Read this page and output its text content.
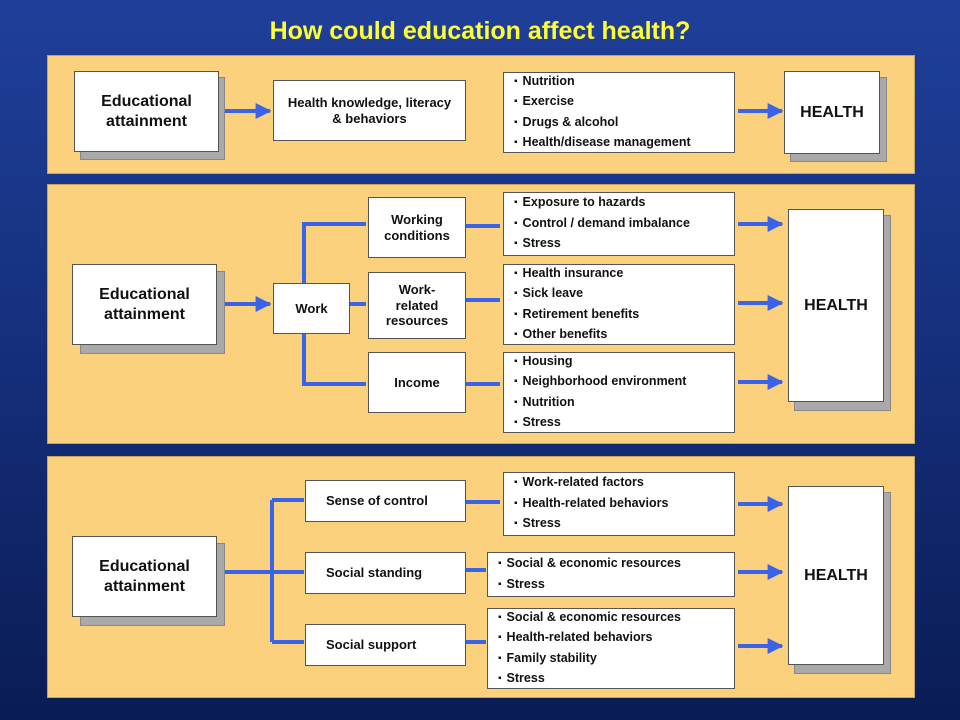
How could education affect health?
Educational attainment
Health knowledge, literacy & behaviors
▪ Nutrition
▪ Exercise
▪ Drugs & alcohol
▪ Health/disease management
HEALTH
Educational attainment	Work
Working conditions
Work- related resources
Income
▪ Exposure to hazards
▪ Control / demand imbalance
▪ Stress
▪ Health insurance
▪ Sick leave
▪ Retirement benefits
▪ Other benefits
▪ Housing
▪ Neighborhood environment
▪ Nutrition
▪ Stress
HEALTH
Educational attainment
Sense of control
Social standing
Social support
▪ Work-related factors
▪ Health-related behaviors
▪ Stress
▪ Social & economic resources
▪ Stress
▪ Social & economic resources
▪ Health-related behaviors
▪ Family stability
▪ Stress
HEALTH
